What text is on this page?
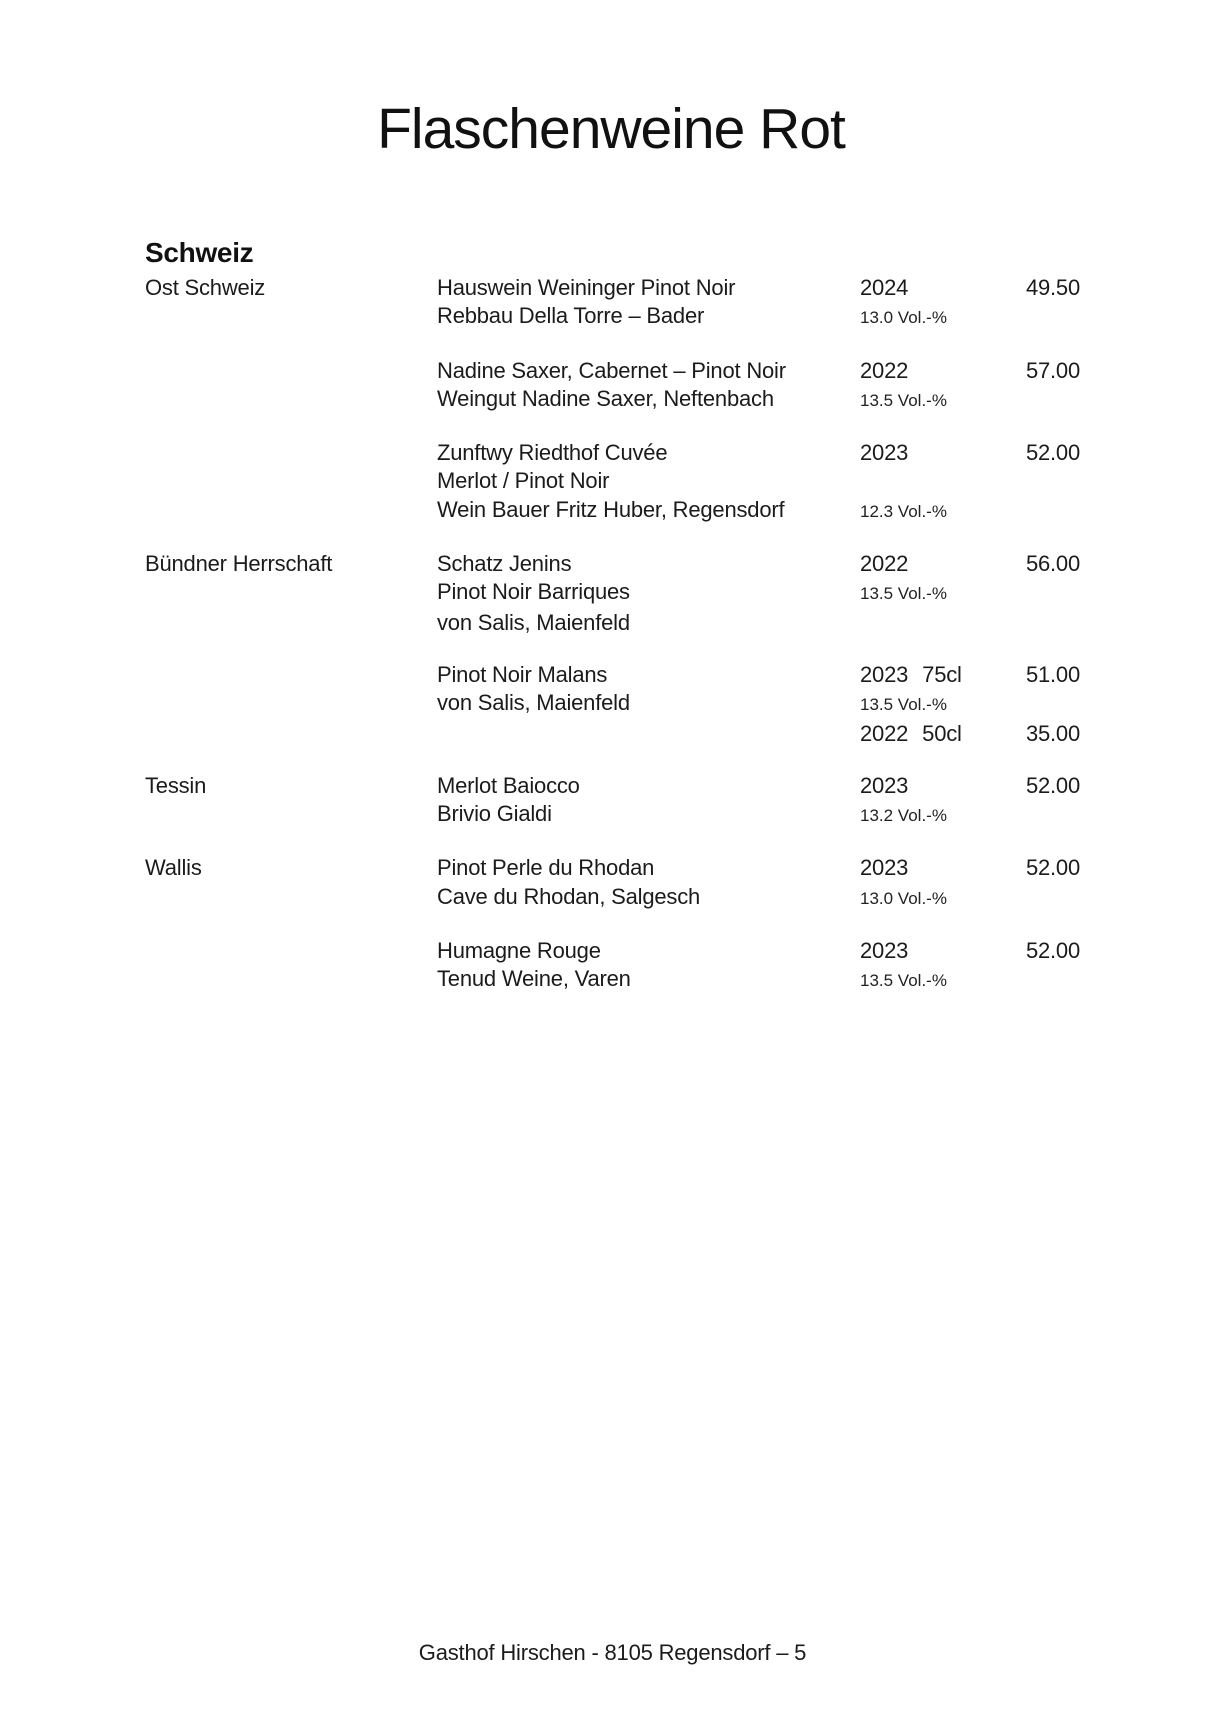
Flaschenweine Rot
Schweiz
Ost Schweiz	Hauswein Weininger Pinot Noir	2024	49.50
Rebbau Della Torre – Bader	13.0 Vol.-%
Nadine Saxer, Cabernet – Pinot Noir	2022	57.00
Weingut Nadine Saxer, Neftenbach	13.5 Vol.-%
Zunftwy Riedthof Cuvée	2023	52.00
Merlot / Pinot Noir
Wein Bauer Fritz Huber, Regensdorf	12.3 Vol.-%
Bündner Herrschaft	Schatz Jenins	2022	56.00
Pinot Noir Barriques	13.5 Vol.-%
von Salis, Maienfeld
Pinot Noir Malans	2023 75cl	51.00
von Salis, Maienfeld	13.5 Vol.-%
2022 50cl	35.00
Tessin	Merlot Baiocco	2023	52.00
Brivio Gialdi	13.2 Vol.-%
Wallis	Pinot Perle du Rhodan	2023	52.00
Cave du Rhodan, Salgesch	13.0 Vol.-%
Humagne Rouge	2023	52.00
Tenud Weine, Varen	13.5 Vol.-%
Gasthof Hirschen - 8105 Regensdorf – 5
